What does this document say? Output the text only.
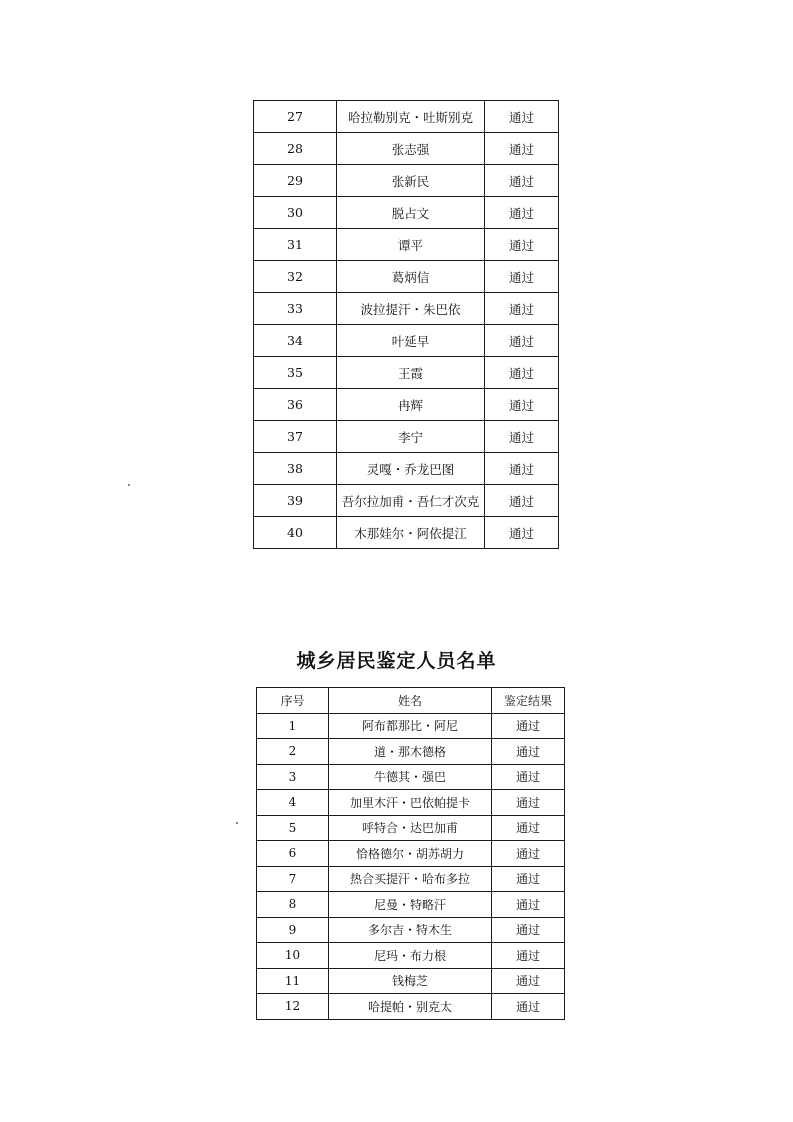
27	哈拉勒别克・吐斯别克	通过
28	张志强	通过
29	张新民	通过
30	脱占文	通过
31	谭平	通过
32	葛炳信	通过
33	波拉提汗・朱巴依	通过
34	叶延早	通过
35	王霞	通过
36	冉辉	通过
37	李宁	通过
38	灵嘎・乔龙巴图	通过
39	吾尔拉加甫・吾仁才次克	通过
40	木那娃尔・阿依提江	通过
城乡居民鉴定人员名单
序号	姓名	鉴定结果
1	阿布都那比・阿尼	通过
2	道・那木德格	通过
3	牛德其・强巴	通过
4	加里木汗・巴依帕提卡	通过
5	呼特合・达巴加甫	通过
6	恰格德尔・胡苏胡力	通过
7	热合买提汗・哈布多拉	通过
8	尼曼・特略汗	通过
9	多尔吉・特木生	通过
10	尼玛・布力根	通过
11	钱梅芝	通过
12	哈提帕・别克太	通过
